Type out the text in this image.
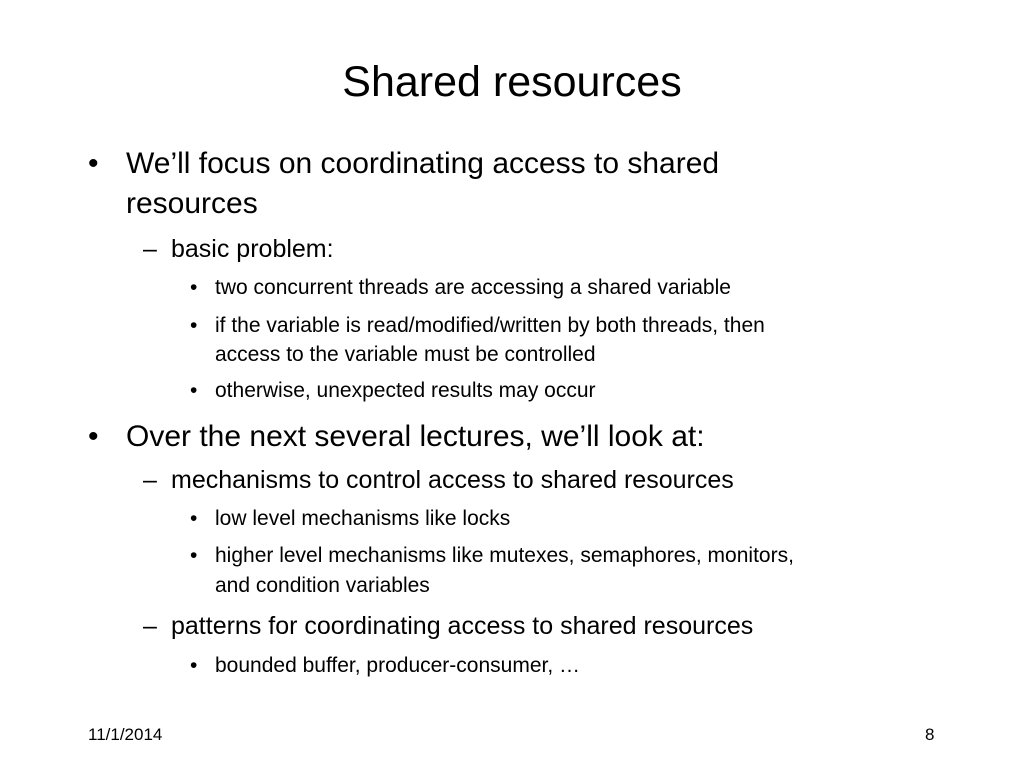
Shared resources
• We’ll focus on coordinating access to shared
resources
– basic problem:
• two concurrent threads are accessing a shared variable
• if the variable is read/modified/written by both threads, then
access to the variable must be controlled
• otherwise, unexpected results may occur
• Over the next several lectures, we’ll look at:
– mechanisms to control access to shared resources
• low level mechanisms like locks
• higher level mechanisms like mutexes, semaphores, monitors,
and condition variables
– patterns for coordinating access to shared resources
• bounded buffer, producer-consumer, …
11/1/2014	8
